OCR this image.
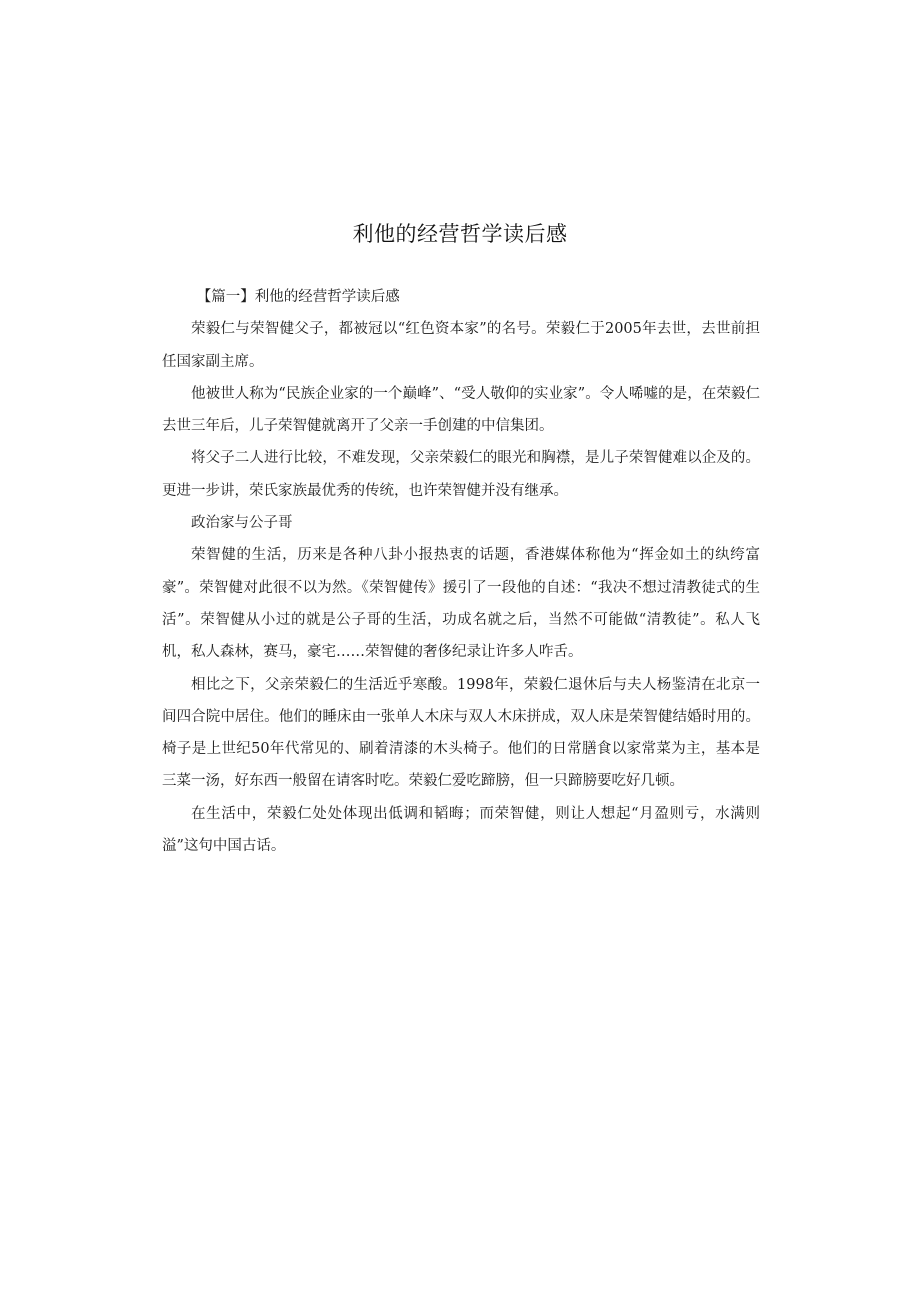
利他的经营哲学读后感

【篇一】利他的经营哲学读后感

荣毅仁与荣智健父子，都被冠以“红色资本家”的名号。荣毅仁于2005年去世，去世前担任国家副主席。

他被世人称为“民族企业家的一个巅峰”、“受人敬仰的实业家”。令人唏嘘的是，在荣毅仁去世三年后，儿子荣智健就离开了父亲一手创建的中信集团。

将父子二人进行比较，不难发现，父亲荣毅仁的眼光和胸襟，是儿子荣智健难以企及的。更进一步讲，荣氏家族最优秀的传统，也许荣智健并没有继承。

政治家与公子哥

荣智健的生活，历来是各种八卦小报热衷的话题，香港媒体称他为“挥金如土的纨绔富豪”。荣智健对此很不以为然。《荣智健传》援引了一段他的自述：“我决不想过清教徒式的生活”。荣智健从小过的就是公子哥的生活，功成名就之后，当然不可能做“清教徒”。私人飞机，私人森林，赛马，豪宅……荣智健的奢侈纪录让许多人咋舌。

相比之下，父亲荣毅仁的生活近乎寒酸。1998年，荣毅仁退休后与夫人杨鉴清在北京一间四合院中居住。他们的睡床由一张单人木床与双人木床拼成，双人床是荣智健结婚时用的。椅子是上世纪50年代常见的、刷着清漆的木头椅子。他们的日常膳食以家常菜为主，基本是三菜一汤，好东西一般留在请客时吃。荣毅仁爱吃蹄膀，但一只蹄膀要吃好几顿。

在生活中，荣毅仁处处体现出低调和韬晦；而荣智健，则让人想起“月盈则亏，水满则溢”这句中国古话。
